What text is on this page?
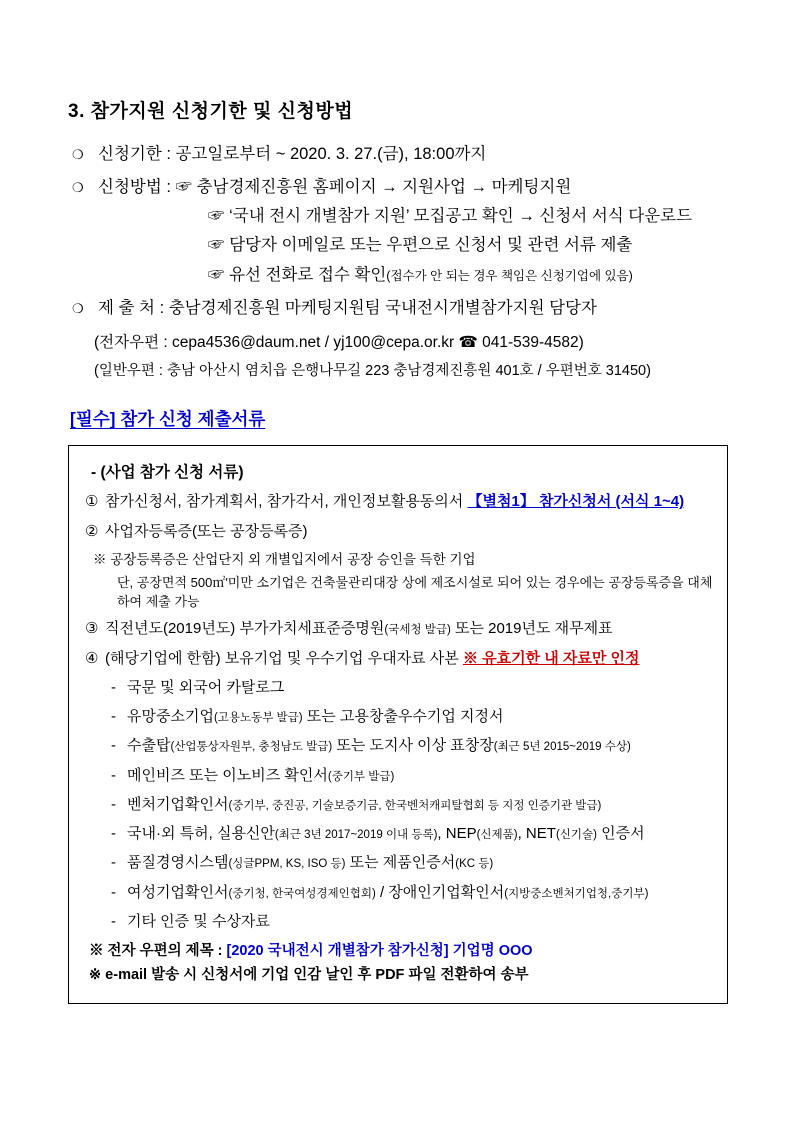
3. 참가지원 신청기한 및 신청방법
❍ 신청기한 : 공고일로부터 ~ 2020. 3. 27.(금), 18:00까지
❍ 신청방법 : ☞ 충남경제진흥원 홈페이지 → 지원사업 → 마케팅지원
☞ ‘국내 전시 개별참가 지원’ 모집공고 확인 → 신청서 서식 다운로드
☞ 담당자 이메일로 또는 우편으로 신청서 및 관련 서류 제출
☞ 유선 전화로 접수 확인(접수가 안 되는 경우 책임은 신청기업에 있음)
❍ 제 출 처 : 충남경제진흥원 마케팅지원팀 국내전시개별참가지원 담당자
(전자우편 : cepa4536@daum.net / yj100@cepa.or.kr ☎ 041-539-4582)
(일반우편 : 충남 아산시 염치읍 은행나무길 223 충남경제진흥원 401호 / 우편번호 31450)
[필수] 참가 신청 제출서류
- (사업 참가 신청 서류)
① 참가신청서, 참가계획서, 참가각서, 개인정보활용동의서 【별첨1】 참가신청서 (서식 1~4)
② 사업자등록증(또는 공장등록증)
※ 공장등록증은 산업단지 외 개별입지에서 공장 승인을 득한 기업
단, 공장면적 500㎡'미만 소기업은 건축물관리대장 상에 제조시설로 되어 있는 경우에는 공장등록증을 대체하여 제출 가능
③ 직전년도(2019년도) 부가가치세표준증명원(국세청 발급) 또는 2019년도 재무제표
④ (해당기업에 한함) 보유기업 및 우수기업 우대자료 사본 ※ 유효기한 내 자료만 인정
- 국문 및 외국어 카탈로그
- 유망중소기업(고용노동부 발급) 또는 고용창출우수기업 지정서
- 수출탑(산업통상자원부, 충청남도 발급) 또는 도지사 이상 표창장(최근 5년 2015~2019 수상)
- 메인비즈 또는 이노비즈 확인서(중기부 발급)
- 벤처기업확인서(중기부, 중진공, 기술보증기금, 한국벤처캐피탈협회 등 지정 인증기관 발급)
- 국내·외 특허, 실용신안(최근 3년 2017~2019 이내 등록), NEP(신제품), NET(신기술) 인증서
- 품질경영시스템(싱글PPM, KS, ISO 등) 또는 제품인증서(KC 등)
- 여성기업확인서(중기청, 한국여성경제인협회) / 장애인기업확인서(지방중소벤처기업청,중기부)
- 기타 인증 및 수상자료
※ 전자 우편의 제목 : [2020 국내전시 개별참가 참가신청] 기업명 OOO
※ e-mail 발송 시 신청서에 기업 인감 날인 후 PDF 파일 전환하여 송부
